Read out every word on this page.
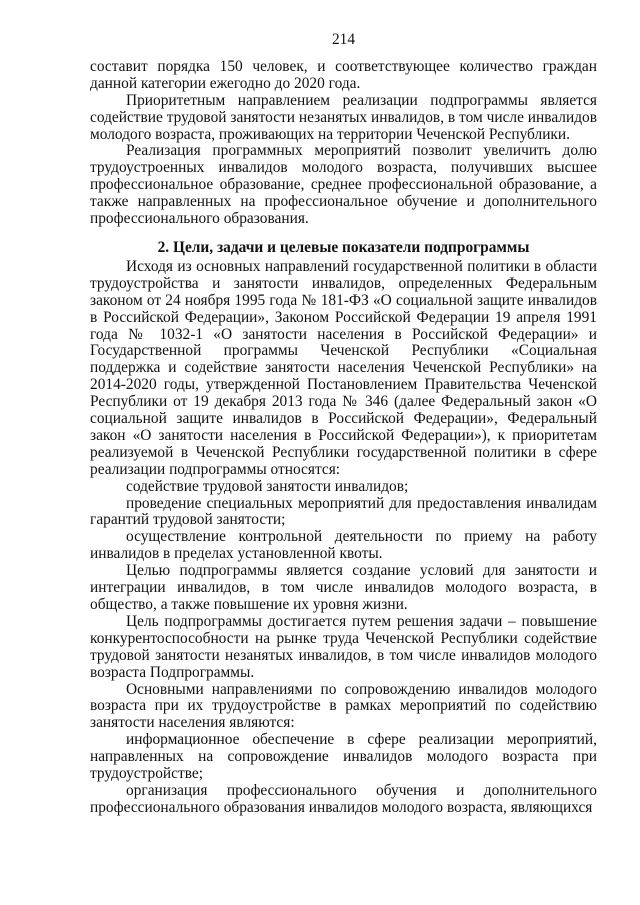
214

составит порядка 150 человек, и соответствующее количество граждан данной категории ежегодно до 2020 года.

Приоритетным направлением реализации подпрограммы является содействие трудовой занятости незанятых инвалидов, в том числе инвалидов молодого возраста, проживающих на территории Чеченской Республики.

Реализация программных мероприятий позволит увеличить долю трудоустроенных инвалидов молодого возраста, получивших высшее профессиональное образование, среднее профессиональной образование, а также направленных на профессиональное обучение и дополнительного профессионального образования.

2. Цели, задачи и целевые показатели подпрограммы

Исходя из основных направлений государственной политики в области трудоустройства и занятости инвалидов, определенных Федеральным законом от 24 ноября 1995 года № 181-ФЗ «О социальной защите инвалидов в Российской Федерации», Законом Российской Федерации 19 апреля 1991 года № 1032-1 «О занятости населения в Российской Федерации» и Государственной программы Чеченской Республики «Социальная поддержка и содействие занятости населения Чеченской Республики» на 2014-2020 годы, утвержденной Постановлением Правительства Чеченской Республики от 19 декабря 2013 года № 346 (далее Федеральный закон «О социальной защите инвалидов в Российской Федерации», Федеральный закон «О занятости населения в Российской Федерации»), к приоритетам реализуемой в Чеченской Республики государственной политики в сфере реализации подпрограммы относятся:

содействие трудовой занятости инвалидов;

проведение специальных мероприятий для предоставления инвалидам гарантий трудовой занятости;

осуществление контрольной деятельности по приему на работу инвалидов в пределах установленной квоты.

Целью подпрограммы является создание условий для занятости и интеграции инвалидов, в том числе инвалидов молодого возраста, в общество, а также повышение их уровня жизни.

Цель подпрограммы достигается путем решения задачи – повышение конкурентоспособности на рынке труда Чеченской Республики содействие трудовой занятости незанятых инвалидов, в том числе инвалидов молодого возраста Подпрограммы.

Основными направлениями по сопровождению инвалидов молодого возраста при их трудоустройстве в рамках мероприятий по содействию занятости населения являются:

информационное обеспечение в сфере реализации мероприятий, направленных на сопровождение инвалидов молодого возраста при трудоустройстве;

организация профессионального обучения и дополнительного профессионального образования инвалидов молодого возраста, являющихся
